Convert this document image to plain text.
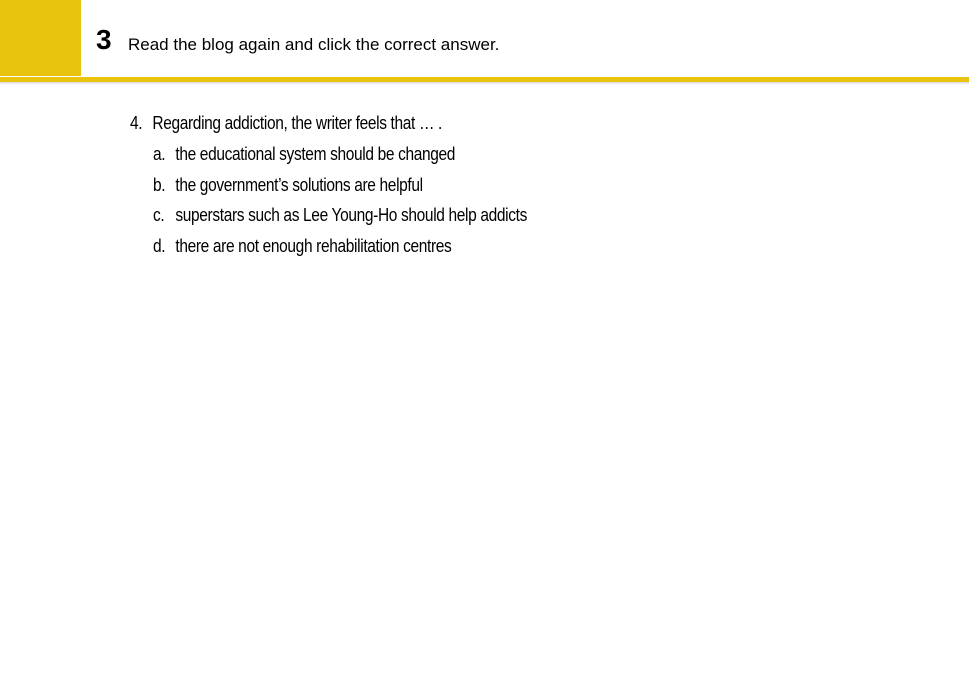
3 Read the blog again and click the correct answer.
4. Regarding addiction, the writer feels that … .
a. the educational system should be changed
b. the government’s solutions are helpful
c. superstars such as Lee Young-Ho should help addicts
d. there are not enough rehabilitation centres
